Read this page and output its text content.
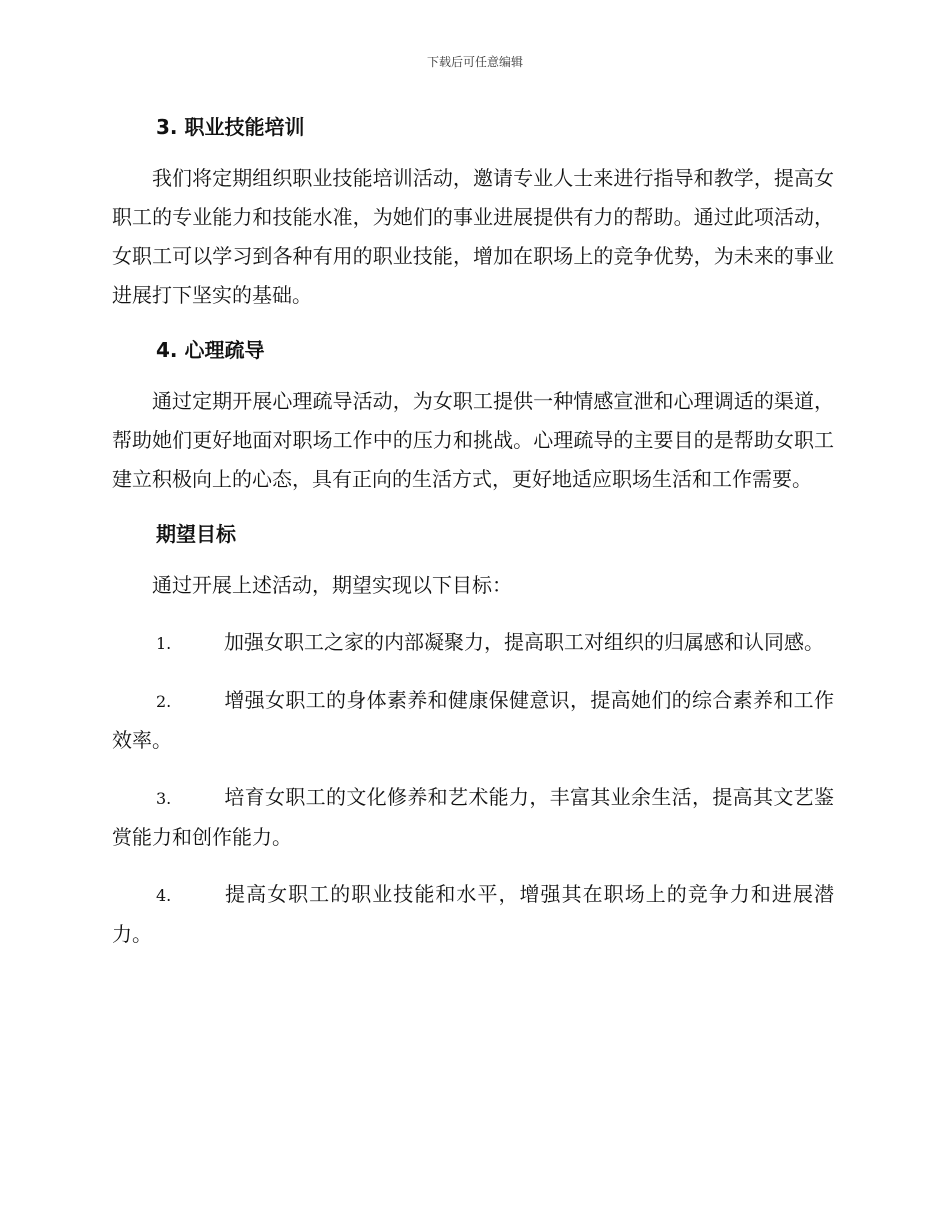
下载后可任意编辑
3. 职业技能培训

我们将定期组织职业技能培训活动，邀请专业人士来进行指导和教学，提高女职工的专业能力和技能水准，为她们的事业进展提供有力的帮助。通过此项活动，女职工可以学习到各种有用的职业技能，增加在职场上的竞争优势，为未来的事业进展打下坚实的基础。

4. 心理疏导

通过定期开展心理疏导活动，为女职工提供一种情感宣泄和心理调适的渠道，帮助她们更好地面对职场工作中的压力和挑战。心理疏导的主要目的是帮助女职工建立积极向上的心态，具有正向的生活方式，更好地适应职场生活和工作需要。

期望目标

通过开展上述活动，期望实现以下目标：

1.	加强女职工之家的内部凝聚力，提高职工对组织的归属感和认同感。

2.	增强女职工的身体素养和健康保健意识，提高她们的综合素养和工作效率。

3.	培育女职工的文化修养和艺术能力，丰富其业余生活，提高其文艺鉴赏能力和创作能力。

4.	提高女职工的职业技能和水平，增强其在职场上的竞争力和进展潜力。
